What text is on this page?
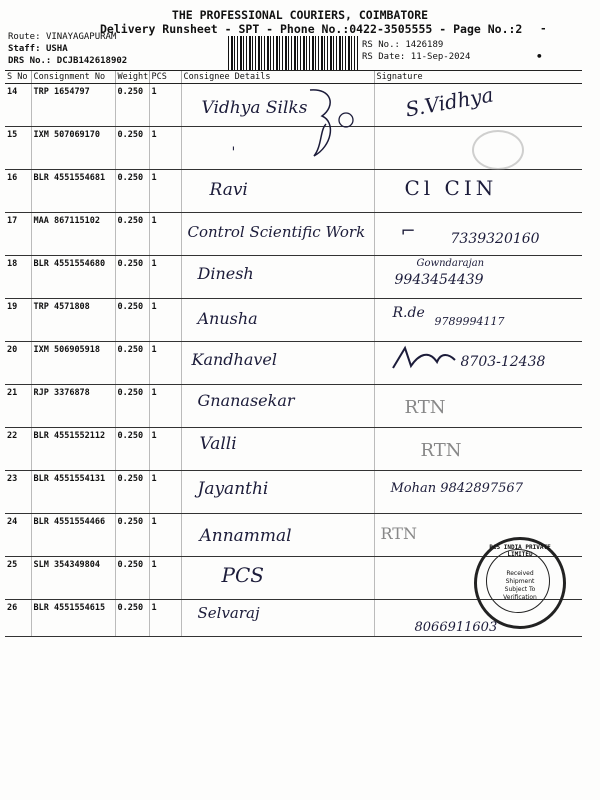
THE PROFESSIONAL COURIERS, COIMBATORE
Delivery Runsheet - SPT - Phone No.:0422-3505555 - Page No.:2 -
Route: VINAYAGAPURAM
Staff: USHA
DRS No.: DCJB142618902
RS No.: 1426189
RS Date: 11-Sep-2024	•
S No	Consignment No	Weight	PCS	Consignee Details	Signature
14	TRP 1654797	0.250	1	Vidhya Silks	S.Vidhya

15	IXM 507069170	0.250	1	'	

16	BLR 4551554681	0.250	1	Ravi	Cl CIN

17	MAA 867115102	0.250	1	Control Scientific Work	⌐ 7339320160

18	BLR 4551554680	0.250	1	Dinesh	Gowndarajan
9943454439

19	TRP 4571808	0.250	1	Anusha	R.de
9789994117

20	IXM 506905918	0.250	1	Kandhavel	8703-12438

21	RJP 3376878	0.250	1	Gnanasekar	RTN

22	BLR 4551552112	0.250	1	Valli	RTN

23	BLR 4551554131	0.250	1	Jayanthi	Mohan 9842897567

24	BLR 4551554466	0.250	1	Annammal	RTN

25	SLM 354349804	0.250	1	PCS	

26	BLR 4551554615	0.250	1	Selvaraj	8066911603
PCS INDIA PRIVATE LIMITED
Received Shipment Subject To Verification
